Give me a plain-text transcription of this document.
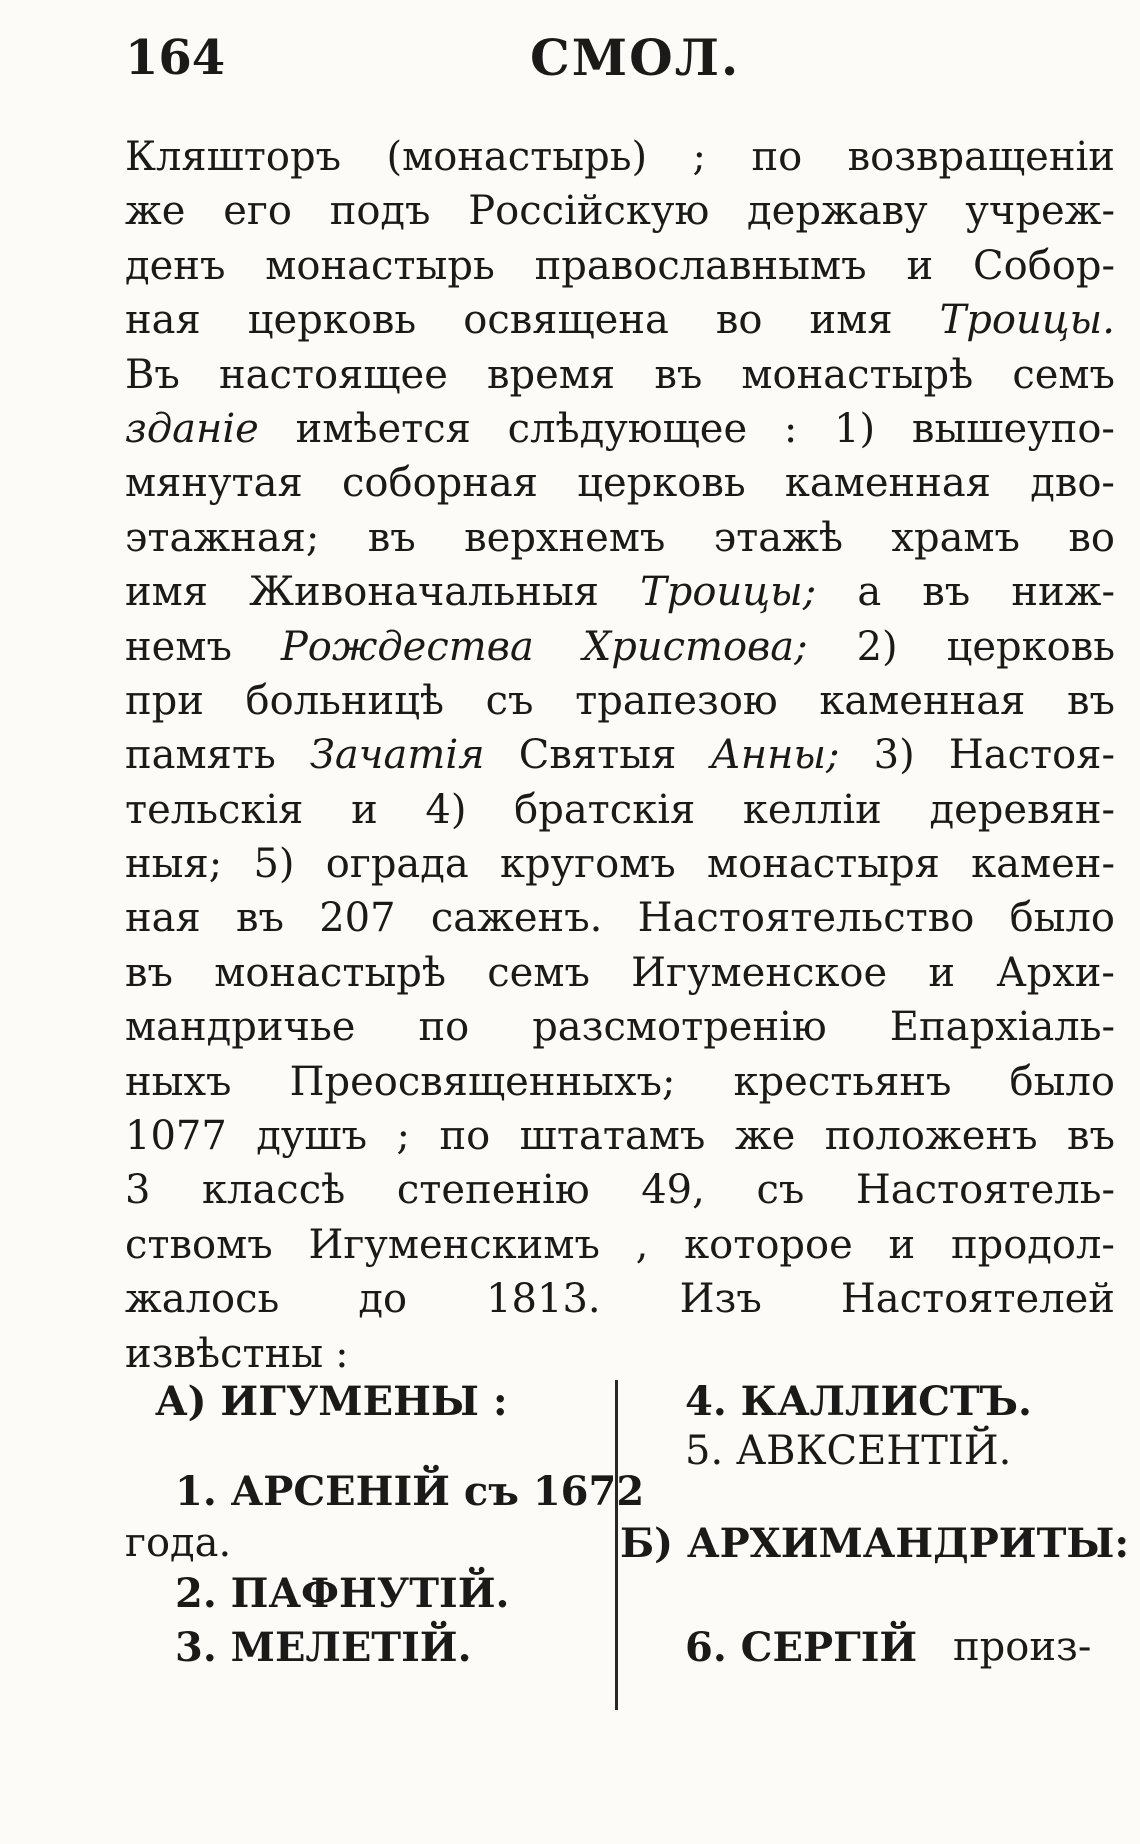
164	СМОЛ.
Кляшторъ (монастырь) ; по возвращеніи
же его подъ Россійскую державу учреж-
денъ монастырь православнымъ и Собор-
ная церковь освящена во имя Троицы.
Въ настоящее время въ монастырѣ семъ
зданіе имѣется слѣдующее : 1) вышеупо-
мянутая соборная церковь каменная дво-
этажная; въ верхнемъ этажѣ храмъ во
имя Живоначальныя Троицы; а въ ниж-
немъ Рождества Христова; 2) церковь
при больницѣ съ трапезою каменная въ
память Зачатія Святыя Анны; 3) Настоя-
тельскія и 4) братскія келліи деревян-
ныя; 5) ограда кругомъ монастыря камен-
ная въ 207 саженъ. Настоятельство было
въ монастырѣ семъ Игуменское и Архи-
мандричье по разсмотренію Епархіаль-
ныхъ Преосвященныхъ; крестьянъ было
1077 душъ ; по штатамъ же положенъ въ
3 классѣ степенію 49, съ Настоятель-
ствомъ Игуменскимъ , которое и продол-
жалось до 1813. Изъ Настоятелей
извѣстны :
А) ИГУМЕНЫ :
1. АРСЕНІЙ съ 1672
года.
2. ПАФНУТІЙ.
3. МЕЛЕТІЙ.
4. КАЛЛИСТЪ.
5. АВКСЕНТІЙ.
Б) АРХИМАНДРИТЫ:
6. СЕРГІЙ произ-
